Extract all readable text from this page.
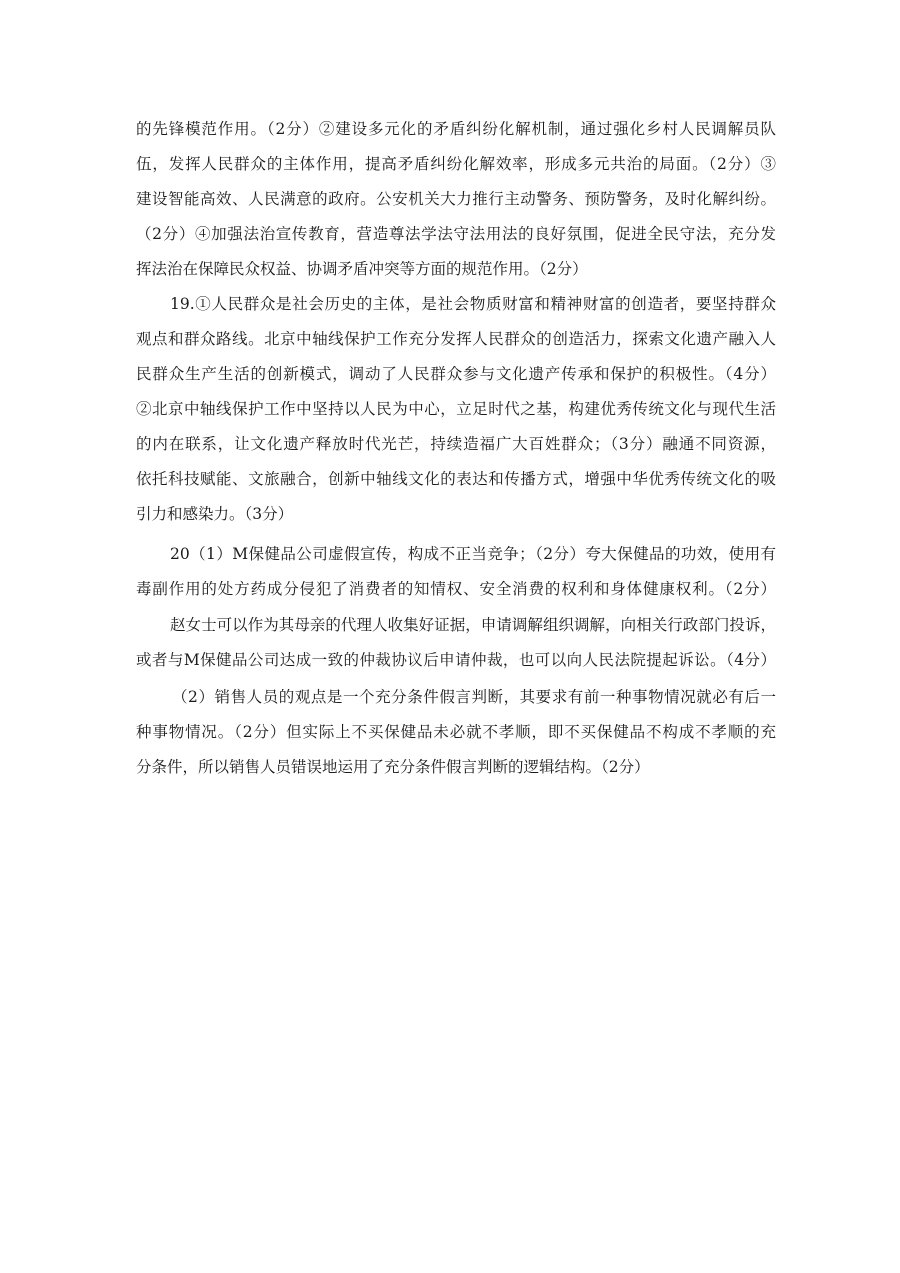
的先锋模范作用。（2分）②建设多元化的矛盾纠纷化解机制，通过强化乡村人民调解员队
伍，发挥人民群众的主体作用，提高矛盾纠纷化解效率，形成多元共治的局面。（2分）③
建设智能高效、人民满意的政府。公安机关大力推行主动警务、预防警务，及时化解纠纷。
（2分）④加强法治宣传教育，营造尊法学法守法用法的良好氛围，促进全民守法，充分发
挥法治在保障民众权益、协调矛盾冲突等方面的规范作用。（2分）
19.①人民群众是社会历史的主体，是社会物质财富和精神财富的创造者，要坚持群众
观点和群众路线。北京中轴线保护工作充分发挥人民群众的创造活力，探索文化遗产融入人
民群众生产生活的创新模式，调动了人民群众参与文化遗产传承和保护的积极性。（4分）
②北京中轴线保护工作中坚持以人民为中心，立足时代之基，构建优秀传统文化与现代生活
的内在联系，让文化遗产释放时代光芒，持续造福广大百姓群众；（3分）融通不同资源，
依托科技赋能、文旅融合，创新中轴线文化的表达和传播方式，增强中华优秀传统文化的吸
引力和感染力。（3分）
20（1）M保健品公司虚假宣传，构成不正当竞争；（2分）夸大保健品的功效，使用有
毒副作用的处方药成分侵犯了消费者的知情权、安全消费的权利和身体健康权利。（2分）
赵女士可以作为其母亲的代理人收集好证据，申请调解组织调解，向相关行政部门投诉，
或者与M保健品公司达成一致的仲裁协议后申请仲裁，也可以向人民法院提起诉讼。（4分）
（2）销售人员的观点是一个充分条件假言判断，其要求有前一种事物情况就必有后一
种事物情况。（2分）但实际上不买保健品未必就不孝顺，即不买保健品不构成不孝顺的充
分条件，所以销售人员错误地运用了充分条件假言判断的逻辑结构。（2分）
